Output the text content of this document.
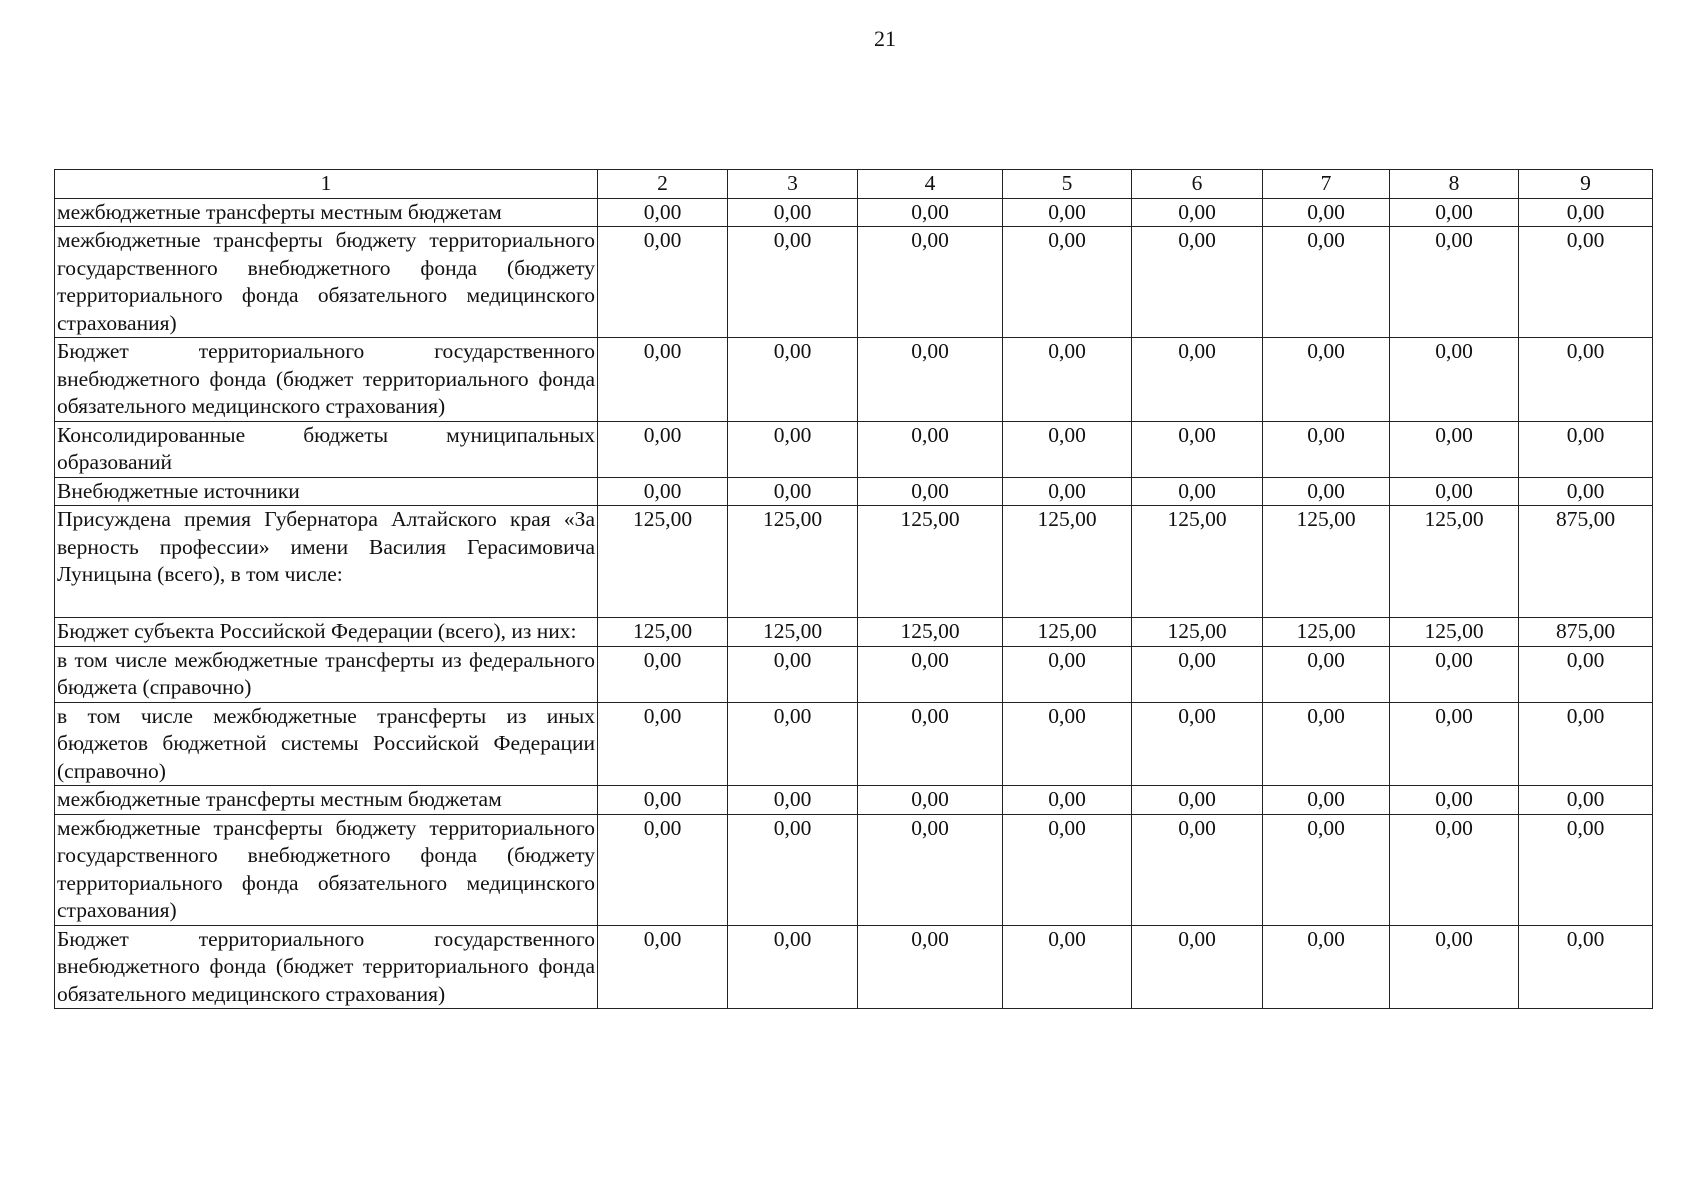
21
1	2	3	4	5	6	7	8	9
межбюджетные трансферты местным бюджетам	0,00	0,00	0,00	0,00	0,00	0,00	0,00	0,00
межбюджетные трансферты бюджету территориального государственного внебюджетного фонда (бюджету территориального фонда обязательного медицинского страхования)	0,00	0,00	0,00	0,00	0,00	0,00	0,00	0,00
Бюджет территориального государственного внебюджетного фонда (бюджет территориального фонда обязательного медицинского страхования)	0,00	0,00	0,00	0,00	0,00	0,00	0,00	0,00
Консолидированные бюджеты муниципальных образований	0,00	0,00	0,00	0,00	0,00	0,00	0,00	0,00
Внебюджетные источники	0,00	0,00	0,00	0,00	0,00	0,00	0,00	0,00
Присуждена премия Губернатора Алтайского края «За верность профессии» имени Василия Герасимовича Луницына (всего), в том числе:	125,00	125,00	125,00	125,00	125,00	125,00	125,00	875,00
Бюджет субъекта Российской Федерации (всего), из них:	125,00	125,00	125,00	125,00	125,00	125,00	125,00	875,00
в том числе межбюджетные трансферты из федерального бюджета (справочно)	0,00	0,00	0,00	0,00	0,00	0,00	0,00	0,00
в том числе межбюджетные трансферты из иных бюджетов бюджетной системы Российской Федерации (справочно)	0,00	0,00	0,00	0,00	0,00	0,00	0,00	0,00
межбюджетные трансферты местным бюджетам	0,00	0,00	0,00	0,00	0,00	0,00	0,00	0,00
межбюджетные трансферты бюджету территориального государственного внебюджетного фонда (бюджету территориального фонда обязательного медицинского страхования)	0,00	0,00	0,00	0,00	0,00	0,00	0,00	0,00
Бюджет территориального государственного внебюджетного фонда (бюджет территориального фонда обязательного медицинского страхования)	0,00	0,00	0,00	0,00	0,00	0,00	0,00	0,00
